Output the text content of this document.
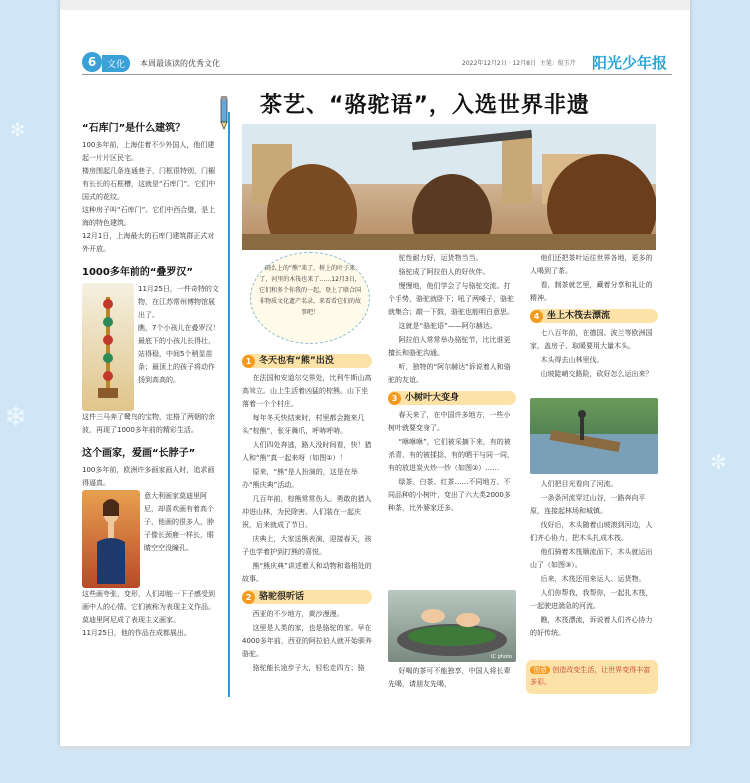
❄
✻
✼
6	文化	本周最该读的优秀文化	2022年12月2日 · 12月8日 主笔：倪玉芹 阳光少年报
“石库门”是什么建筑？
100多年前，上海住着不少外国人，他们建起一片片区民宅。
楼房围起几条连通巷子，门框很特别，门楣有长长的石框槽，这就是“石库门”。它们中国式的花纹。
这种房子叫“石库门”。它们中西合璧，是上海的特色建筑。
12月1日，上海最大的石库门建筑群正式对外开放。
1000多年前的“叠罗汉”
11月25日，一件奇特的文物，在江苏常州博物馆展出了。
瞧，7个小孩儿在叠罗汉！最底下的小孩儿长得壮，站得稳，中间5个稍显苗条；最顶上的孩子将动作扬到高高的。
这件三马奔了鹭鸟的宝物，定格了两朝的余波，再现了1000多年前的精彩生活。
这个画家，爱画“长脖子”
100多年前，欧洲许多画家画人时，追求画得逼真。
意大利画家莫迪里阿尼，却喜欢画有着高个子，他画的很多人，脖子像长颈鹿一样长，眼睛空空没瞳孔。
这些画夸张，变形，人们却能一下子感受到画中人的心情。它们被称为表现主义作品。莫迪里阿尼成了表现主义画家。
11月25日，他的作品在成都展出。
茶艺、“骆驼语”，入选世界非遗
闹么上的“熊”来了，树上的叶子来了，河里的木筏也来了……12月3日，它们和多个你我的一起，登上了联合国非物质文化遗产名录。来看看它们的故事吧！
1 冬天也有“熊”出没

在法国和安道尔交界处，比利牛斯山高高耸立。山上生活着凶猛的棕熊。山下坐落着一个个村庄。

每年冬天快结束时，村里都会跑来几头“棕熊”，张牙舞爪，呼哧呼哧。

人们四处奔逃，路人没时间看，快！猎人和“熊”真一起来呀（如图①）！

原来，“熊”是人扮演的，这是在举办“熊庆典”活动。

几百年前，棕熊常常伤人。勇敢的猎人冲进山林，为民除害。人们装在一起庆祝，后来就成了节日。

庆典上，大家送熊表演，迎接春天，孩子也学着护到打熊的喜悦。

熊“熊庆典”讲述着人和动物和谐相处的故事。

2 骆驼很听话

西亚的不少地方，黄沙漫漫。

这里是人类的家，也是骆驼的家。早在4000多年前，西亚的阿拉伯人就开始驯养骆驼。

骆驼能长途步子大，轻松走四方；骆

驼性耐力好，运货物当当。

骆驼成了阿拉伯人的好伙伴。

慢慢地，他们学会了与骆驼交流。打个手势，骆驼就卧下；吼了两嗓子，骆驼就集合；敲一下鼓，骆驼也能明白意思。

这就是“骆驼语”——阿尔赫达。

阿拉伯人常常举办骆驼节，比比谁更擅长和骆驼沟通。

听，独特的“阿尔赫达”诉说着人和骆驼的友谊。

3 小树叶大变身

春天来了，在中国许多地方，一些小树叶就要变身了。

“咻咻咻”，它们被采摘下来，有的被杀青，有的被揉捻，有的晒干与同一同，有的放进炭火炒一炒（如图②）……

绿茶、白茶、红茶……不同地方、不同品种的小树叶，变出了六大类2000多种茶，比外婆家还多。

IC photo

好喝的茶可不能独享，中国人将长辈先喝，请朋友先喝，

他们还把茶叶运往世界各地，更多的人喝到了茶。

看，制茶就艺里，藏着分享和礼让的精神。

4 坐上木筏去漂流

七八百年前，在德国、波兰等欧洲国家，盖房子、取暖要用大量木头。

木头得去山林里伐。

山坡陡峭交路险，砍好怎么运出来？

人们把目光看向了河流。

一条条河流穿过山谷，一路奔向平原，连接起林场和城镇。

伐好后，木头随着山坡滚到河边，人们齐心协力，把木头扎成木筏。

他们骑着木筏顺流而下，木头就运出山了（如图③）。

后来，木筏还用来运人、运货物。

人们你帮我，我帮你，一起扎木筏，一起驶进湍急的河流。

瞧，木筏漂流，诉说着人们齐心协力的好传统。

创意 创造改变生活，让世界变得丰富多彩。
